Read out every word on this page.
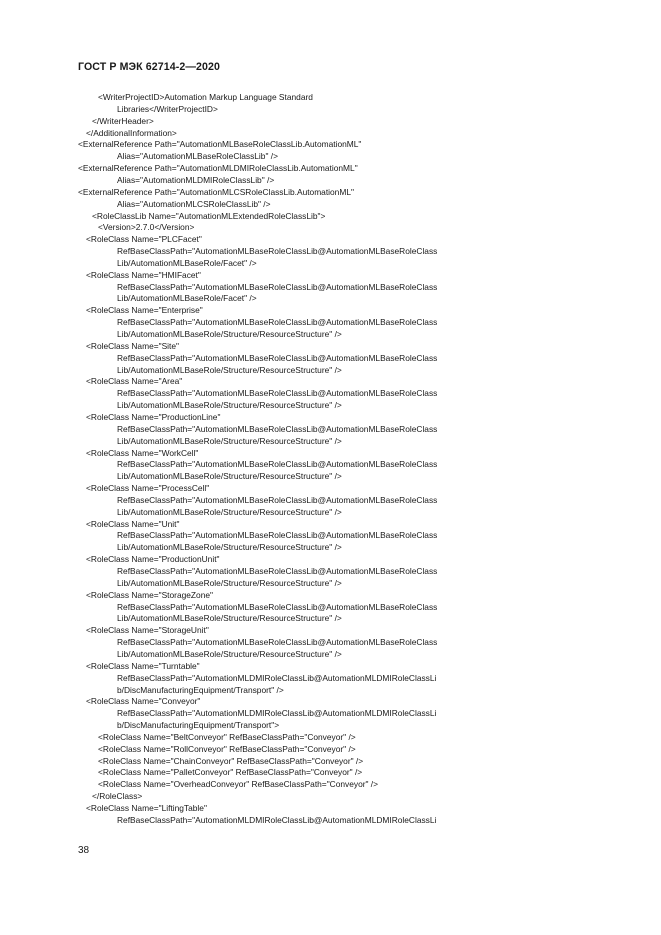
ГОСТ Р МЭК 62714-2—2020
<WriterProjectID>Automation Markup Language Standard
Libraries</WriterProjectID>
</WriterHeader>
</AdditionalInformation>
<ExternalReference Path="AutomationMLBaseRoleClassLib.AutomationML"
Alias="AutomationMLBaseRoleClassLib" />
<ExternalReference Path="AutomationMLDMIRoleClassLib.AutomationML"
Alias="AutomationMLDMIRoleClassLib" />
<ExternalReference Path="AutomationMLCSRoleClassLib.AutomationML"
Alias="AutomationMLCSRoleClassLib" />
<RoleClassLib Name="AutomationMLExtendedRoleClassLib">
<Version>2.7.0</Version>
<RoleClass Name="PLCFacet"
RefBaseClassPath="AutomationMLBaseRoleClassLib@AutomationMLBaseRoleClass
Lib/AutomationMLBaseRole/Facet" />
<RoleClass Name="HMIFacet"
RefBaseClassPath="AutomationMLBaseRoleClassLib@AutomationMLBaseRoleClass
Lib/AutomationMLBaseRole/Facet" />
<RoleClass Name="Enterprise"
RefBaseClassPath="AutomationMLBaseRoleClassLib@AutomationMLBaseRoleClass
Lib/AutomationMLBaseRole/Structure/ResourceStructure" />
<RoleClass Name="Site"
RefBaseClassPath="AutomationMLBaseRoleClassLib@AutomationMLBaseRoleClass
Lib/AutomationMLBaseRole/Structure/ResourceStructure" />
<RoleClass Name="Area"
RefBaseClassPath="AutomationMLBaseRoleClassLib@AutomationMLBaseRoleClass
Lib/AutomationMLBaseRole/Structure/ResourceStructure" />
<RoleClass Name="ProductionLine"
RefBaseClassPath="AutomationMLBaseRoleClassLib@AutomationMLBaseRoleClass
Lib/AutomationMLBaseRole/Structure/ResourceStructure" />
<RoleClass Name="WorkCell"
RefBaseClassPath="AutomationMLBaseRoleClassLib@AutomationMLBaseRoleClass
Lib/AutomationMLBaseRole/Structure/ResourceStructure" />
<RoleClass Name="ProcessCell"
RefBaseClassPath="AutomationMLBaseRoleClassLib@AutomationMLBaseRoleClass
Lib/AutomationMLBaseRole/Structure/ResourceStructure" />
<RoleClass Name="Unit"
RefBaseClassPath="AutomationMLBaseRoleClassLib@AutomationMLBaseRoleClass
Lib/AutomationMLBaseRole/Structure/ResourceStructure" />
<RoleClass Name="ProductionUnit"
RefBaseClassPath="AutomationMLBaseRoleClassLib@AutomationMLBaseRoleClass
Lib/AutomationMLBaseRole/Structure/ResourceStructure" />
<RoleClass Name="StorageZone"
RefBaseClassPath="AutomationMLBaseRoleClassLib@AutomationMLBaseRoleClass
Lib/AutomationMLBaseRole/Structure/ResourceStructure" />
<RoleClass Name="StorageUnit"
RefBaseClassPath="AutomationMLBaseRoleClassLib@AutomationMLBaseRoleClass
Lib/AutomationMLBaseRole/Structure/ResourceStructure" />
<RoleClass Name="Turntable"
RefBaseClassPath="AutomationMLDMIRoleClassLib@AutomationMLDMIRoleClassLi
b/DiscManufacturingEquipment/Transport" />
<RoleClass Name="Conveyor"
RefBaseClassPath="AutomationMLDMIRoleClassLib@AutomationMLDMIRoleClassLi
b/DiscManufacturingEquipment/Transport">
<RoleClass Name="BeltConveyor" RefBaseClassPath="Conveyor" />
<RoleClass Name="RollConveyor" RefBaseClassPath="Conveyor" />
<RoleClass Name="ChainConveyor" RefBaseClassPath="Conveyor" />
<RoleClass Name="PalletConveyor" RefBaseClassPath="Conveyor" />
<RoleClass Name="OverheadConveyor" RefBaseClassPath="Conveyor" />
</RoleClass>
<RoleClass Name="LiftingTable"
RefBaseClassPath="AutomationMLDMIRoleClassLib@AutomationMLDMIRoleClassLi
38
